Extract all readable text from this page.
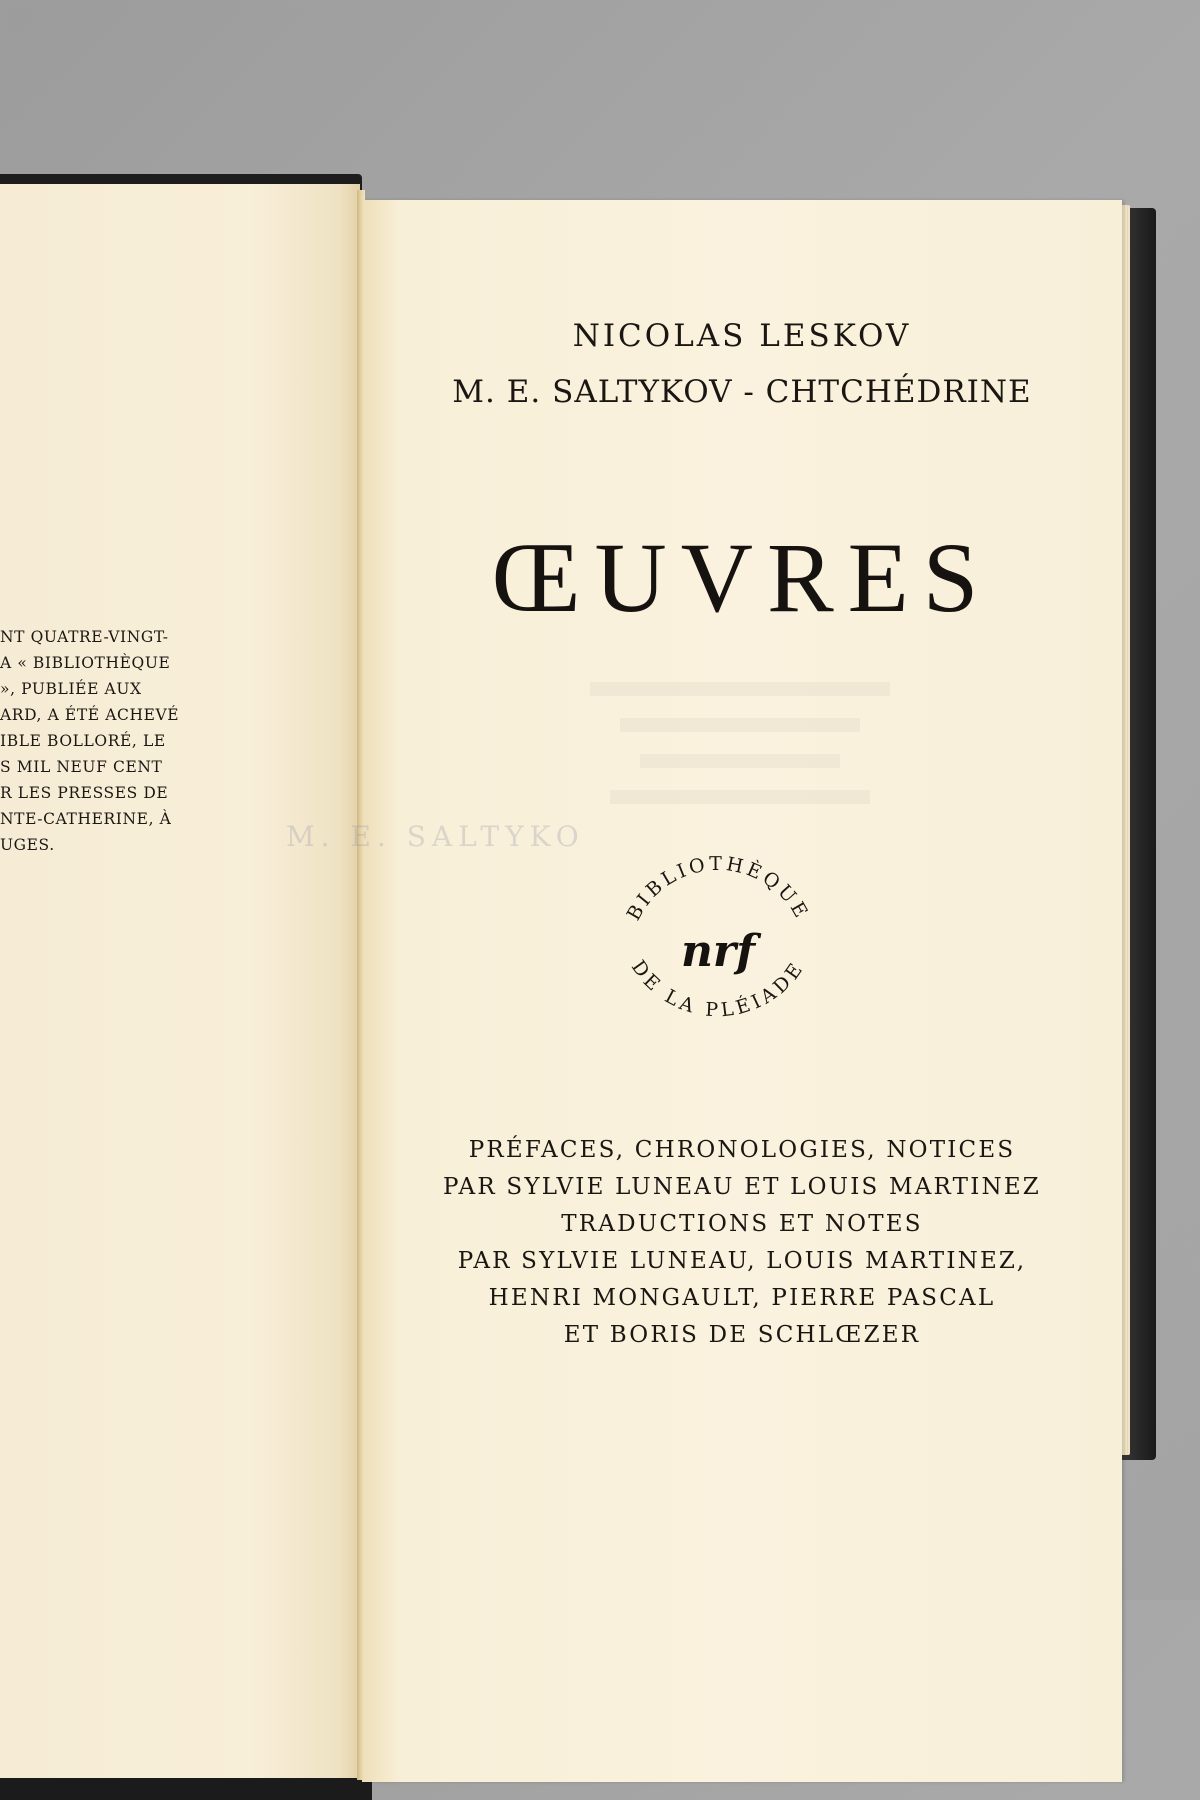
NT QUATRE-VINGT-
A « BIBLIOTHÈQUE
», PUBLIÉE AUX
ARD, A ÉTÉ ACHEVÉ
IBLE BOLLORÉ, LE
S MIL NEUF CENT
R LES PRESSES DE
NTE-CATHERINE, À
UGES.	M. E. SALTYKO
NICOLAS LESKOV
M. E. SALTYKOV - CHTCHÉDRINE
ŒUVRES
BIBLIOTHÈQUE
DE LA PLÉIADE
nrf
PRÉFACES, CHRONOLOGIES, NOTICES
PAR SYLVIE LUNEAU ET LOUIS MARTINEZ
TRADUCTIONS ET NOTES
PAR SYLVIE LUNEAU, LOUIS MARTINEZ,
HENRI MONGAULT, PIERRE PASCAL
ET BORIS DE SCHLŒZER
